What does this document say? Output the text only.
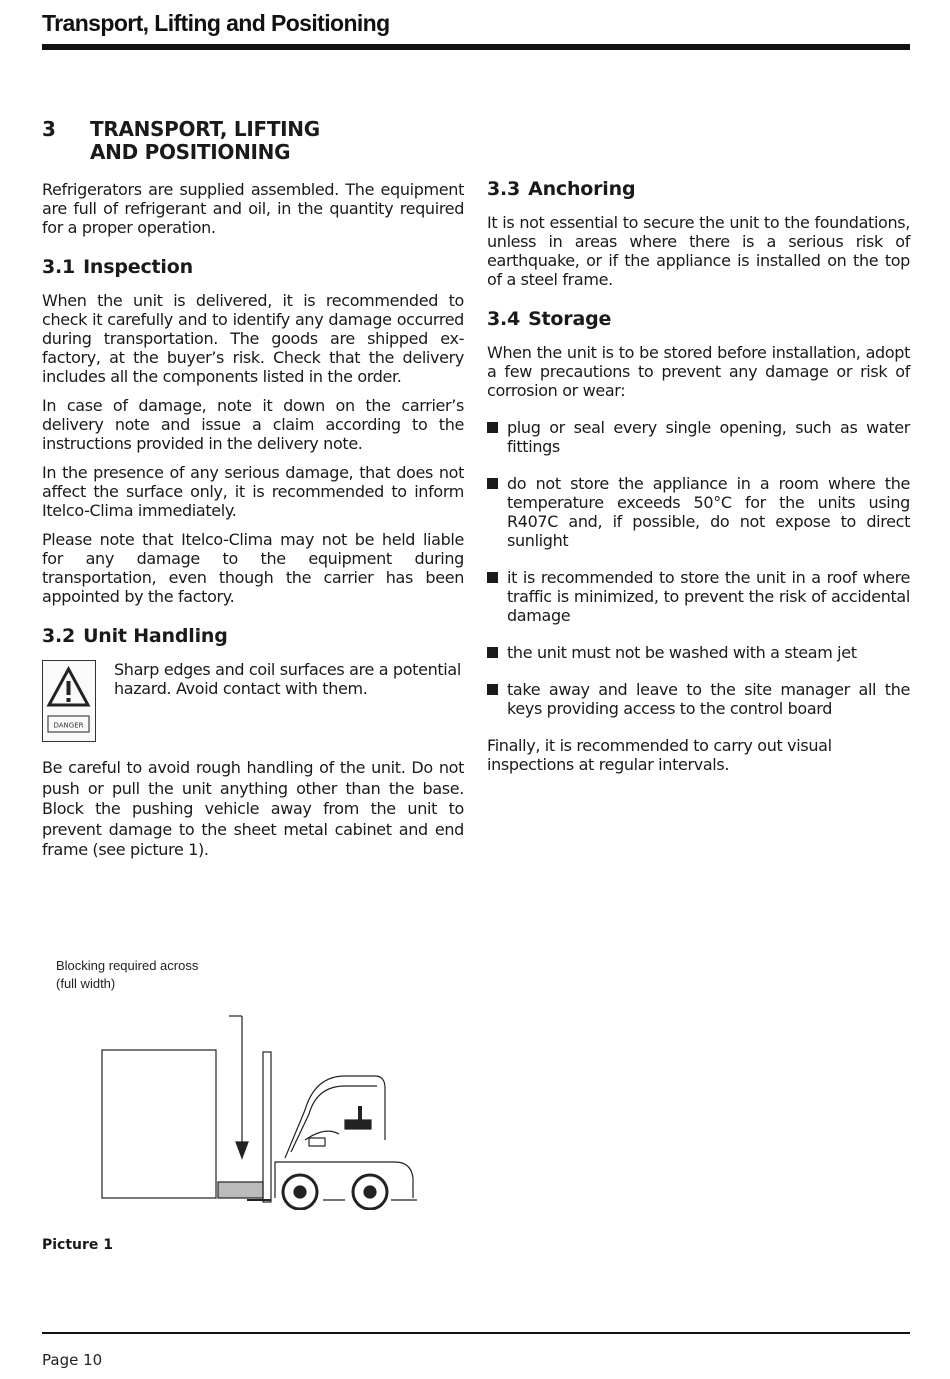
Transport, Lifting and Positioning
3	TRANSPORT, LIFTING AND POSITIONING

Refrigerators are supplied assembled. The equipment are full of refrigerant and oil, in the quantity required for a proper operation.

3.1 Inspection

When the unit is delivered, it is recommended to check it carefully and to identify any damage occurred during transportation. The goods are shipped ex-factory, at the buyer’s risk. Check that the delivery includes all the components listed in the order.

In case of damage, note it down on the carrier’s delivery note and issue a claim according to the instructions provided in the delivery note.

In the presence of any serious damage, that does not affect the surface only, it is recommended to inform Itelco-Clima immediately.

Please note that Itelco-Clima may not be held liable for any damage to the equipment during transportation, even though the carrier has been appointed by the factory.

3.2 Unit Handling
DANGER

Sharp edges and coil surfaces are a potential hazard. Avoid contact with them.

Be careful to avoid rough handling of the unit. Do not push or pull the unit anything other than the base. Block the pushing vehicle away from the unit to prevent damage to the sheet metal cabinet and end frame (see picture 1).

3.3 Anchoring

It is not essential to secure the unit to the foundations, unless in areas where there is a serious risk of earthquake, or if the appliance is installed on the top of a steel frame.

3.4 Storage

When the unit is to be stored before installation, adopt a few precautions to prevent any damage or risk of corrosion or wear:

plug or seal every single opening, such as water fittings
do not store the appliance in a room where the temperature exceeds 50°C for the units using R407C and, if possible, do not expose to direct sunlight
it is recommended to store the unit in a roof where traffic is minimized, to prevent the risk of accidental damage
the unit must not be washed with a steam jet
take away and leave to the site manager all the keys providing access to the control board

Finally, it is recommended to carry out visual inspections at regular intervals.

Blocking required across
(full width)
Picture 1
Page 10
